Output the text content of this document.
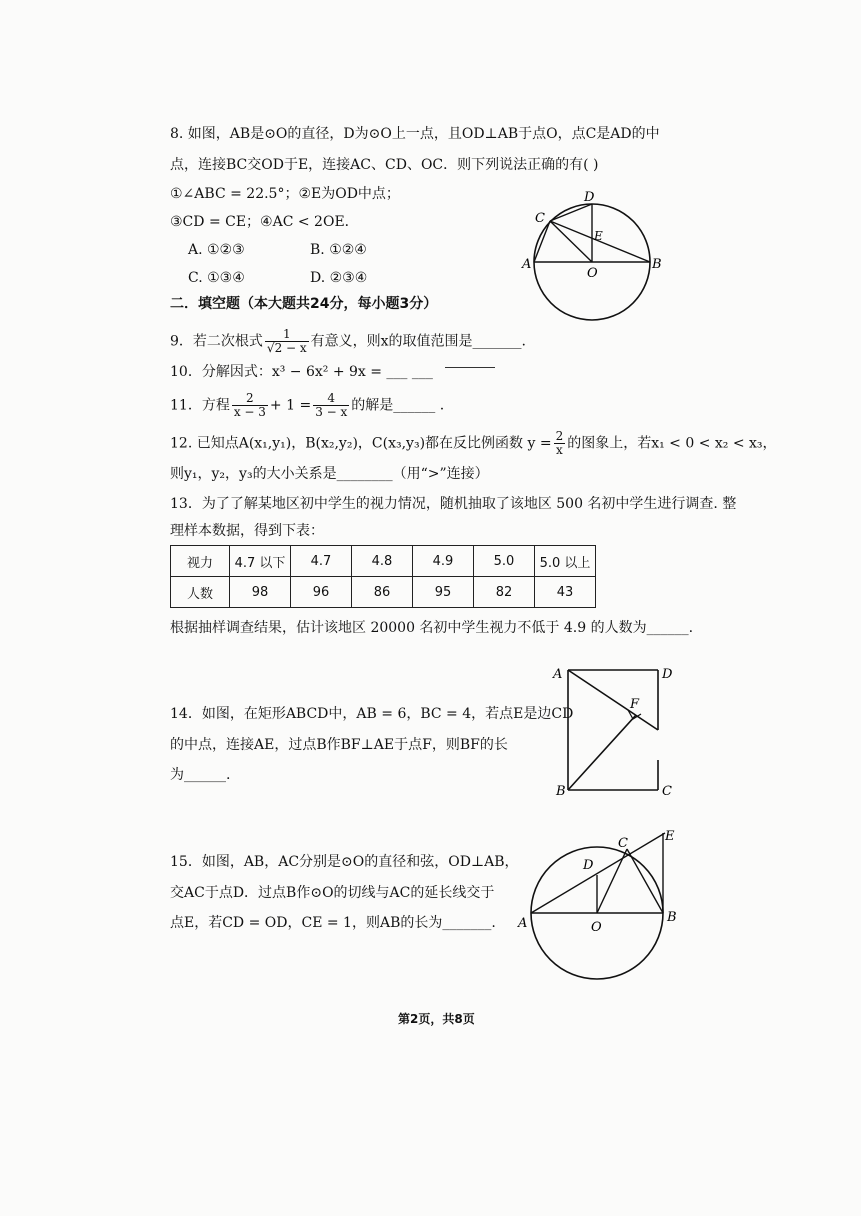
8. 如图，AB是⊙O的直径，D为⊙O上一点，且OD⊥AB于点O，点C是AD的中
点，连接BC交OD于E，连接AC、CD、OC．则下列说法正确的有( )
①∠ABC = 22.5°；②E为OD中点；
③CD = CE；④AC < 2OE．
A. ①②③	B. ①②④
C. ①③④	D. ②③④
A	B
C
D
E
O
二．填空题（本大题共24分，每小题3分）
9．若二次根式 $\frac{1}{√2 - x}$ 有意义，则x的取值范围是_______.
10．分解因式：x³ − 6x² + 9x = ___ ___
11．方程 $\frac{2}{x - 3} + 1 = \frac{4}{3 - x}$ 的解是______ .
12. 已知点A(x₁,y₁)，B(x₂,y₂)，C(x₃,y₃)都在反比例函数 $y = \frac{2}{x}$ 的图象上，若x₁ < 0 < x₂ < x₃，
则y₁，y₂，y₃的大小关系是________（用“>”连接）
13．为了了解某地区初中学生的视力情况，随机抽取了该地区 500 名初中学生进行调查. 整
理样本数据，得到下表：
视力	4.7 以下	4.7	4.8	4.9	5.0	5.0 以上
人数	98	96	86	95	82	43
根据抽样调查结果，估计该地区 20000 名初中学生视力不低于 4.9 的人数为______.
14．如图，在矩形ABCD中，AB = 6，BC = 4，若点E是边CD
的中点，连接AE，过点B作BF⊥AE于点F，则BF的长
为______.
A	D
F
B	C
15．如图，AB，AC分别是⊙O的直径和弦，OD⊥AB，
交AC于点D．过点B作⊙O的切线与AC的延长线交于
点E，若CD = OD，CE = 1，则AB的长为_______. A	B
C
D
E
O
第2页，共8页
